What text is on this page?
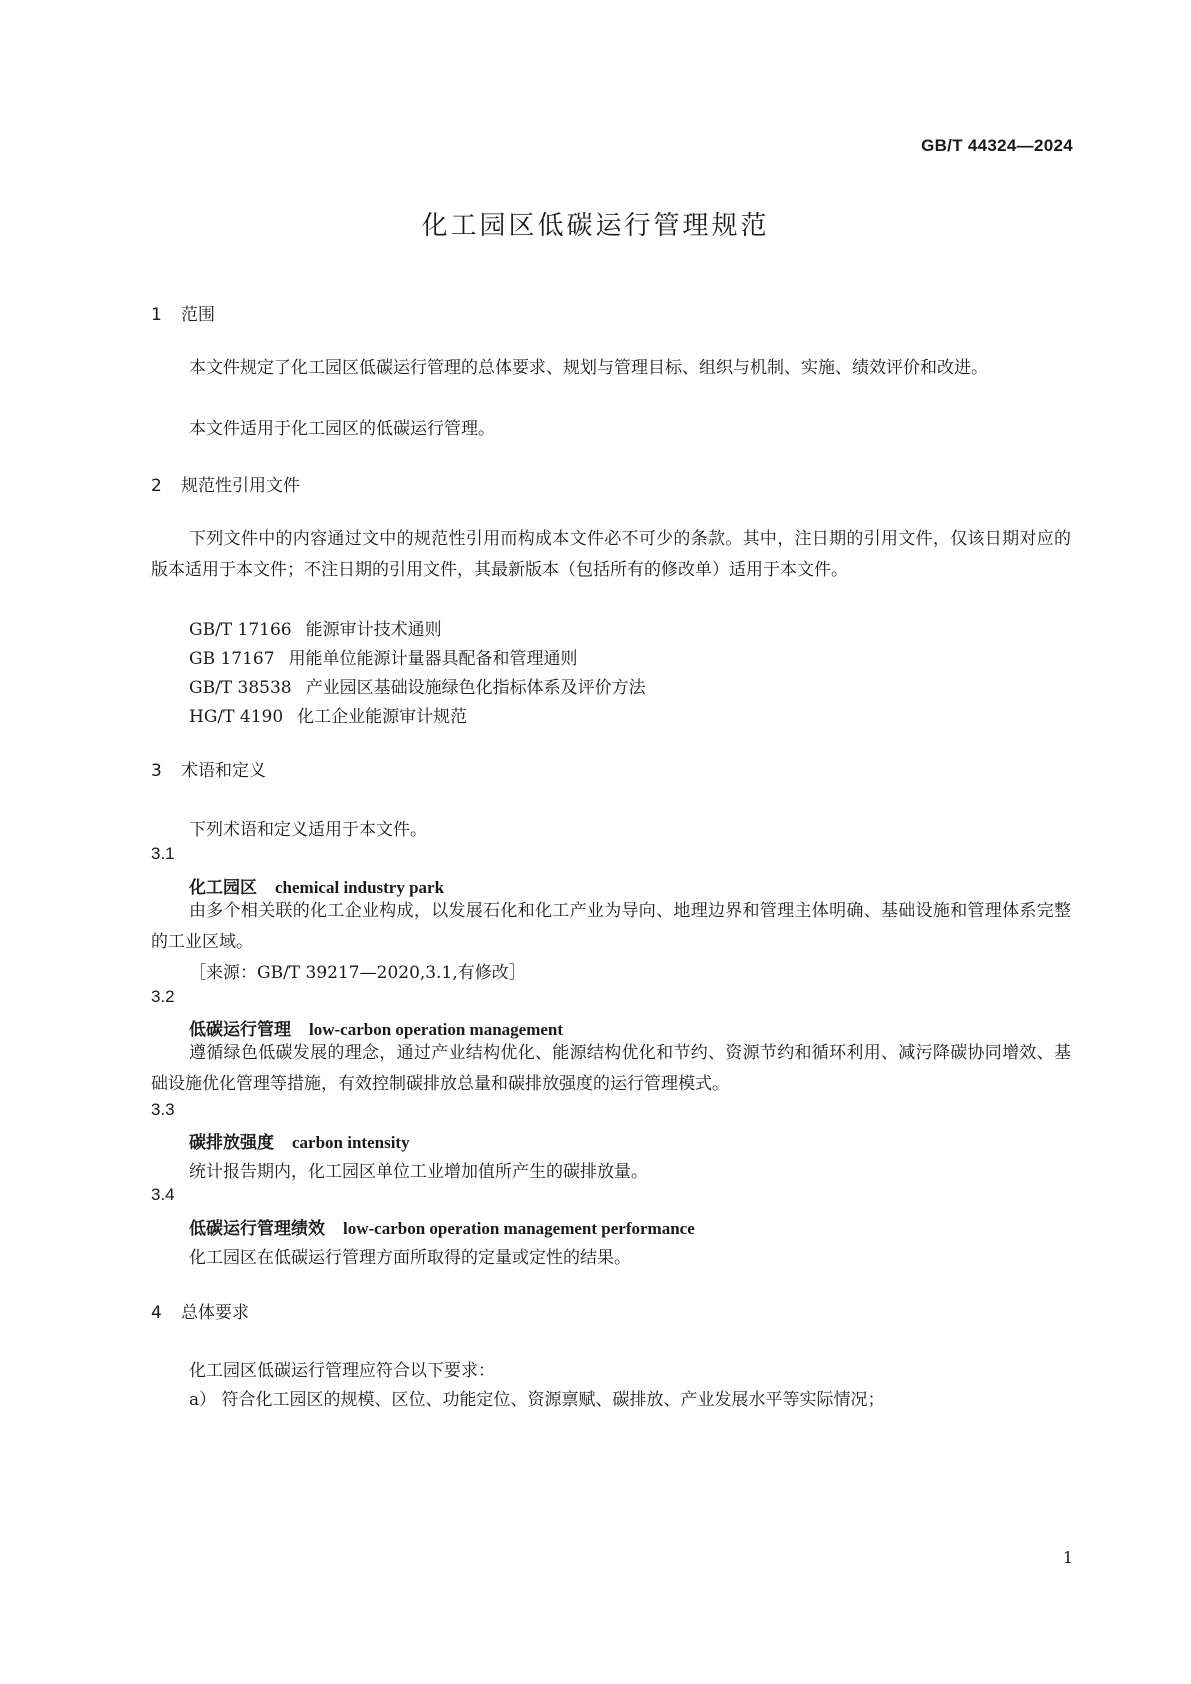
GB/T 44324—2024
化工园区低碳运行管理规范
1 范围
本文件规定了化工园区低碳运行管理的总体要求、规划与管理目标、组织与机制、实施、绩效评价和改进。
本文件适用于化工园区的低碳运行管理。
2 规范性引用文件
下列文件中的内容通过文中的规范性引用而构成本文件必不可少的条款。其中，注日期的引用文件，仅该日期对应的版本适用于本文件；不注日期的引用文件，其最新版本（包括所有的修改单）适用于本文件。
GB/T 17166 能源审计技术通则
GB 17167 用能单位能源计量器具配备和管理通则
GB/T 38538 产业园区基础设施绿色化指标体系及评价方法
HG/T 4190 化工企业能源审计规范
3 术语和定义
下列术语和定义适用于本文件。
3.1
化工园区 chemical industry park
由多个相关联的化工企业构成，以发展石化和化工产业为导向、地理边界和管理主体明确、基础设施和管理体系完整的工业区域。
［来源：GB/T 39217—2020,3.1,有修改］
3.2
低碳运行管理 low-carbon operation management
遵循绿色低碳发展的理念，通过产业结构优化、能源结构优化和节约、资源节约和循环利用、减污降碳协同增效、基础设施优化管理等措施，有效控制碳排放总量和碳排放强度的运行管理模式。
3.3
碳排放强度 carbon intensity
统计报告期内，化工园区单位工业增加值所产生的碳排放量。
3.4
低碳运行管理绩效 low-carbon operation management performance
化工园区在低碳运行管理方面所取得的定量或定性的结果。
4 总体要求
化工园区低碳运行管理应符合以下要求：
a） 符合化工园区的规模、区位、功能定位、资源禀赋、碳排放、产业发展水平等实际情况；
1
